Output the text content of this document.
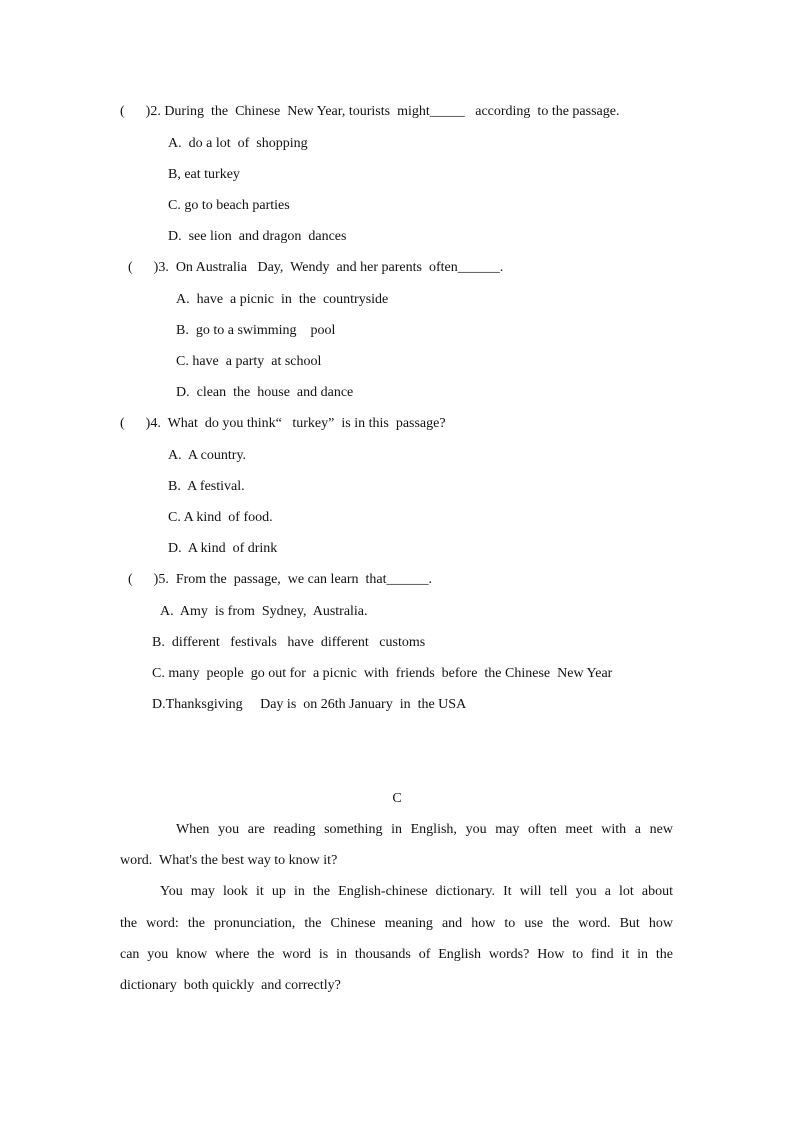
(      )2. During  the  Chinese  New Year, tourists  might_____   according  to the passage.
A.  do a lot  of  shopping
B, eat turkey
C. go to beach parties
D.  see lion  and dragon  dances
(      )3.  On Australia   Day,  Wendy  and her parents  often______.
A.  have  a picnic  in  the  countryside
B.  go to a swimming    pool
C. have  a party  at school
D.  clean  the  house  and dance
(      )4.  What  do you think“   turkey”  is in this  passage?
A.  A country.
B.  A festival.
C. A kind  of food.
D.  A kind  of drink
(      )5.  From the  passage,  we can learn  that______.
A.  Amy  is from  Sydney,  Australia.
B.  different   festivals   have  different   customs
C. many  people  go out for  a picnic  with  friends  before  the Chinese  New Year
D.Thanksgiving     Day is  on 26th January  in  the USA
C
When you are reading something in English, you may often meet with a new
word.  What's the best way to know it?
You may look it up in the English-chinese dictionary. It will tell you a lot about
the word: the pronunciation, the Chinese meaning and how to use the word. But how
can you know where the word is in thousands of English words? How to find it in the
dictionary  both quickly  and correctly?
